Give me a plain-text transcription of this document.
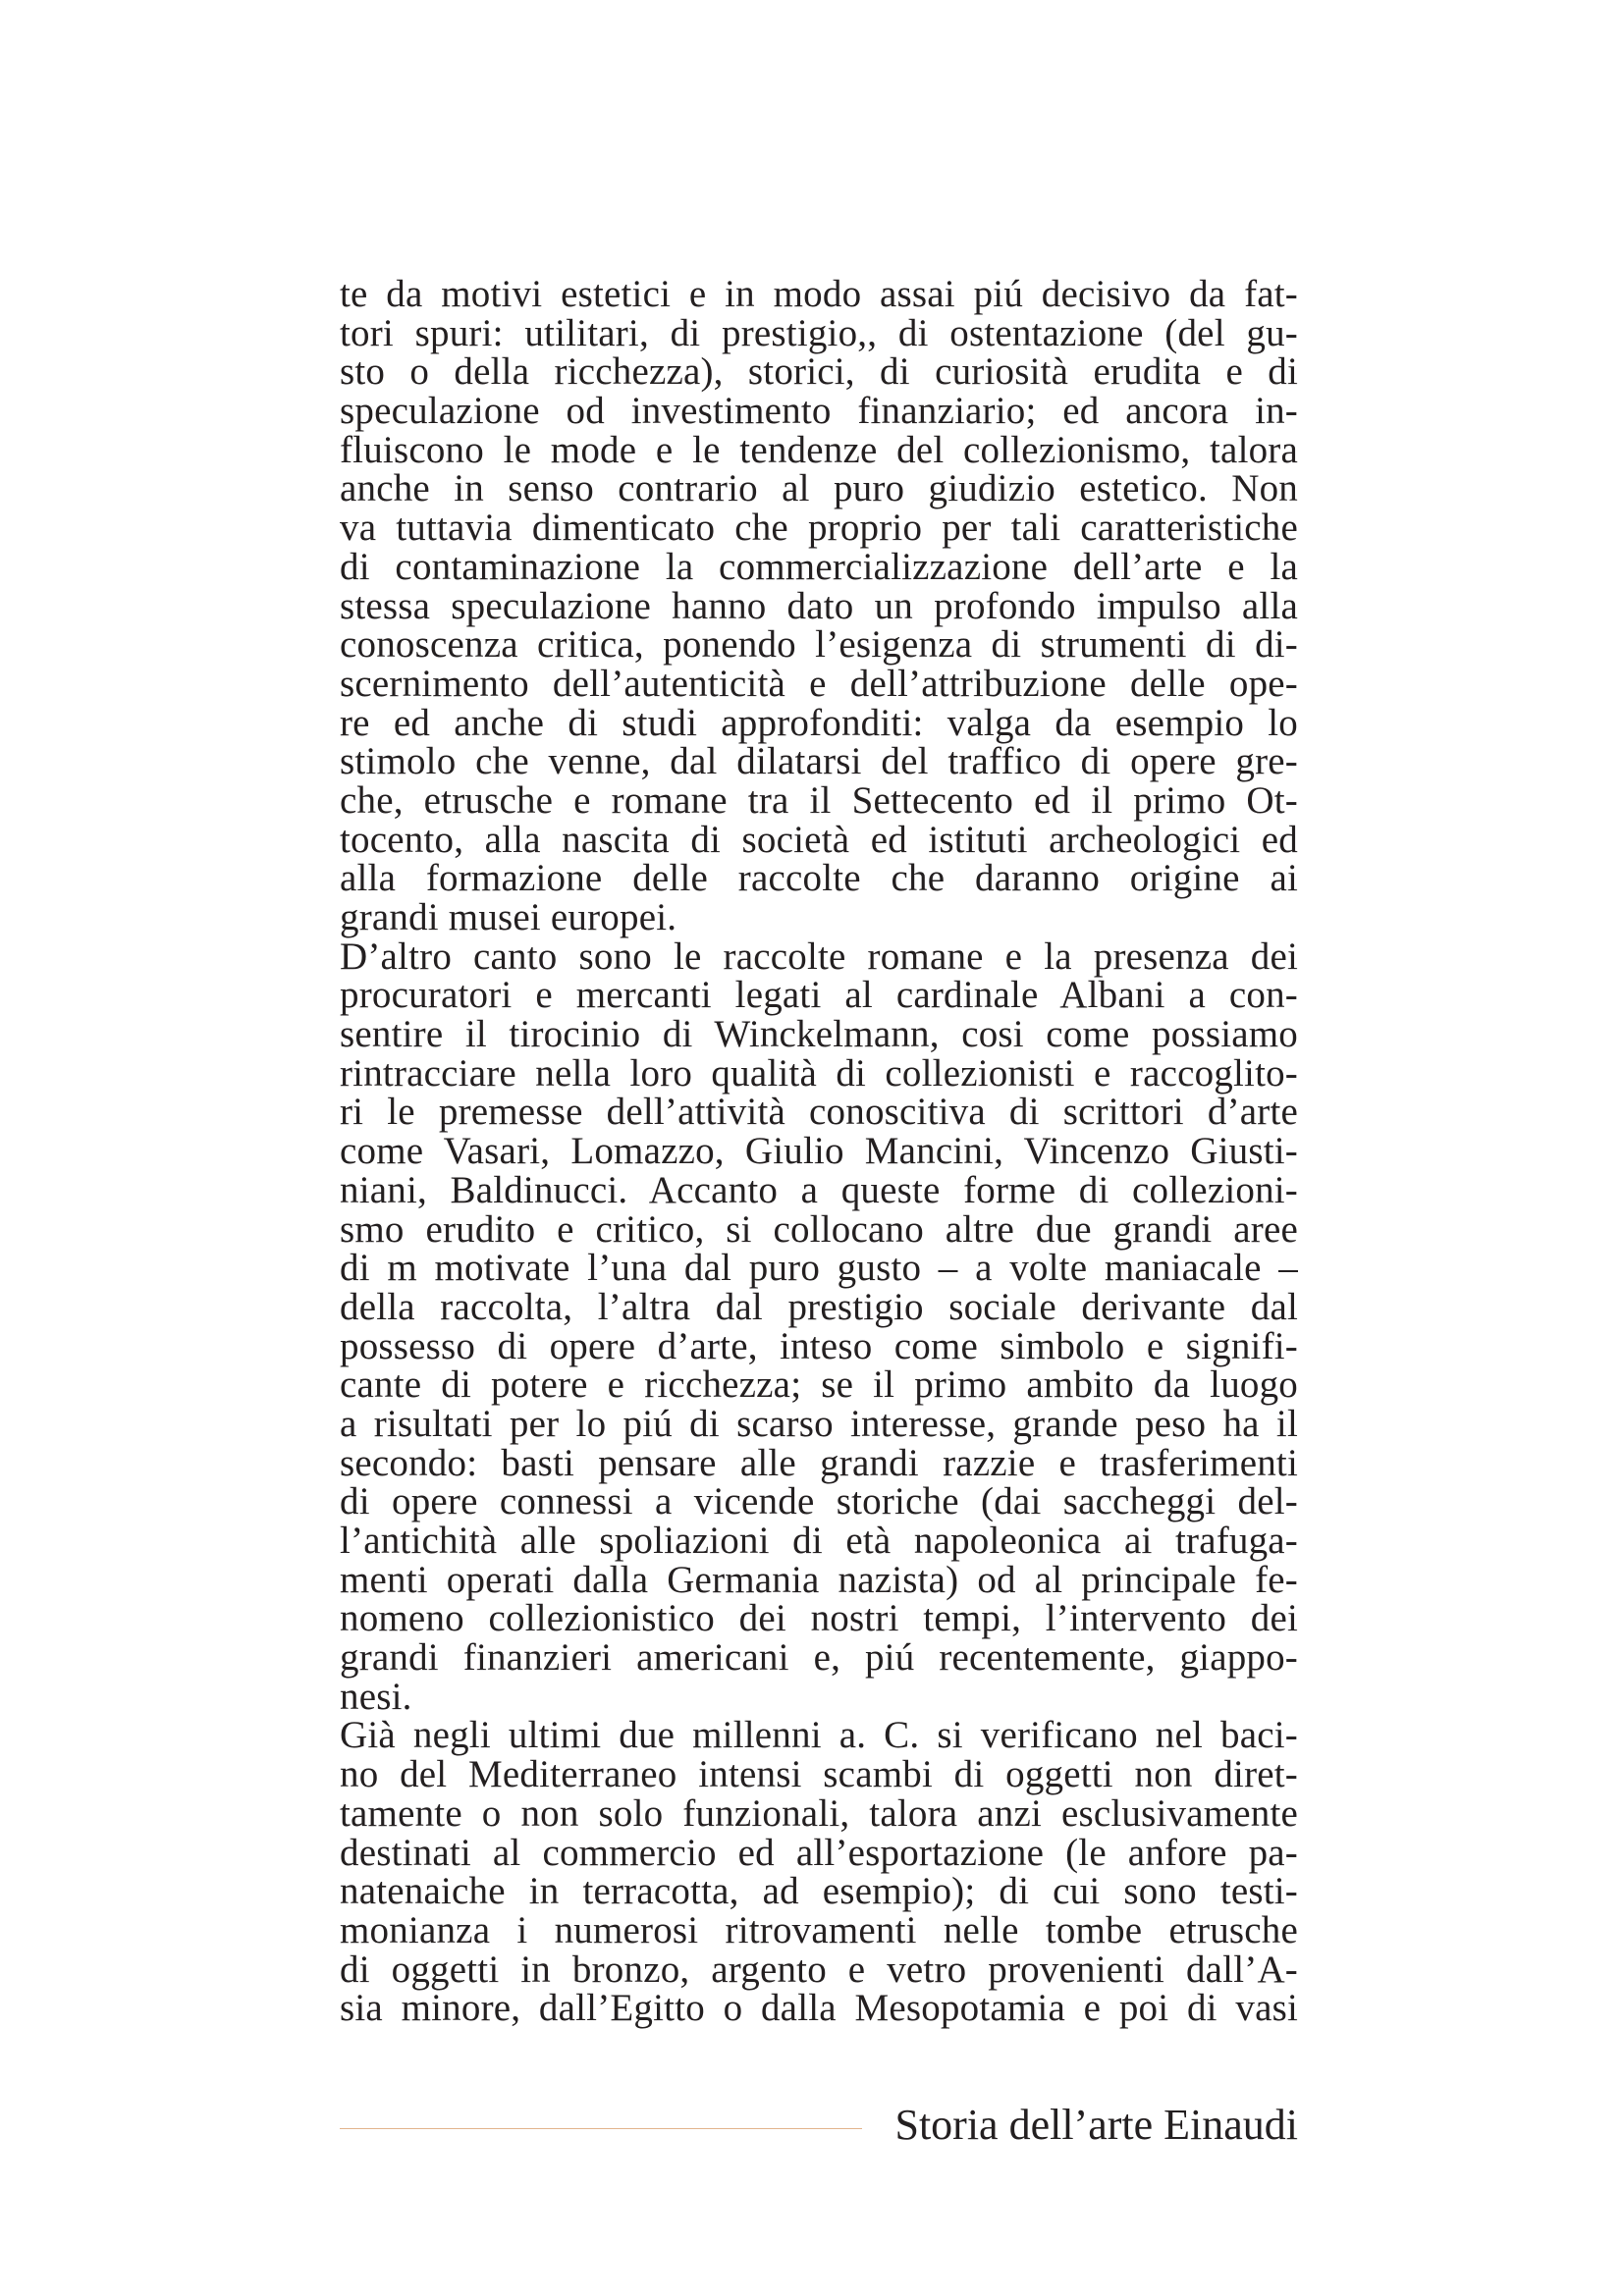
te da motivi estetici e in modo assai piú decisivo da fat-
tori spuri: utilitari, di prestigio,, di ostentazione (del gu-
sto o della ricchezza), storici, di curiosità erudita e di
speculazione od investimento finanziario; ed ancora in-
fluiscono le mode e le tendenze del collezionismo, talora
anche in senso contrario al puro giudizio estetico. Non
va tuttavia dimenticato che proprio per tali caratteristiche
di contaminazione la commercializzazione dell’arte e la
stessa speculazione hanno dato un profondo impulso alla
conoscenza critica, ponendo l’esigenza di strumenti di di-
scernimento dell’autenticità e dell’attribuzione delle ope-
re ed anche di studi approfonditi: valga da esempio lo
stimolo che venne, dal dilatarsi del traffico di opere gre-
che, etrusche e romane tra il Settecento ed il primo Ot-
tocento, alla nascita di società ed istituti archeologici ed
alla formazione delle raccolte che daranno origine ai
grandi musei europei.
D’altro canto sono le raccolte romane e la presenza dei
procuratori e mercanti legati al cardinale Albani a con-
sentire il tirocinio di Winckelmann, cosi come possiamo
rintracciare nella loro qualità di collezionisti e raccoglito-
ri le premesse dell’attività conoscitiva di scrittori d’arte
come Vasari, Lomazzo, Giulio Mancini, Vincenzo Giusti-
niani, Baldinucci. Accanto a queste forme di collezioni-
smo erudito e critico, si collocano altre due grandi aree
di m motivate l’una dal puro gusto – a volte maniacale –
della raccolta, l’altra dal prestigio sociale derivante dal
possesso di opere d’arte, inteso come simbolo e signifi-
cante di potere e ricchezza; se il primo ambito da luogo
a risultati per lo piú di scarso interesse, grande peso ha il
secondo: basti pensare alle grandi razzie e trasferimenti
di opere connessi a vicende storiche (dai saccheggi del-
l’antichità alle spoliazioni di età napoleonica ai trafuga-
menti operati dalla Germania nazista) od al principale fe-
nomeno collezionistico dei nostri tempi, l’intervento dei
grandi finanzieri americani e, piú recentemente, giappo-
nesi.
Già negli ultimi due millenni a. C. si verificano nel baci-
no del Mediterraneo intensi scambi di oggetti non diret-
tamente o non solo funzionali, talora anzi esclusivamente
destinati al commercio ed all’esportazione (le anfore pa-
natenaiche in terracotta, ad esempio); di cui sono testi-
monianza i numerosi ritrovamenti nelle tombe etrusche
di oggetti in bronzo, argento e vetro provenienti dall’A-
sia minore, dall’Egitto o dalla Mesopotamia e poi di vasi
Storia dell’arte Einaudi
